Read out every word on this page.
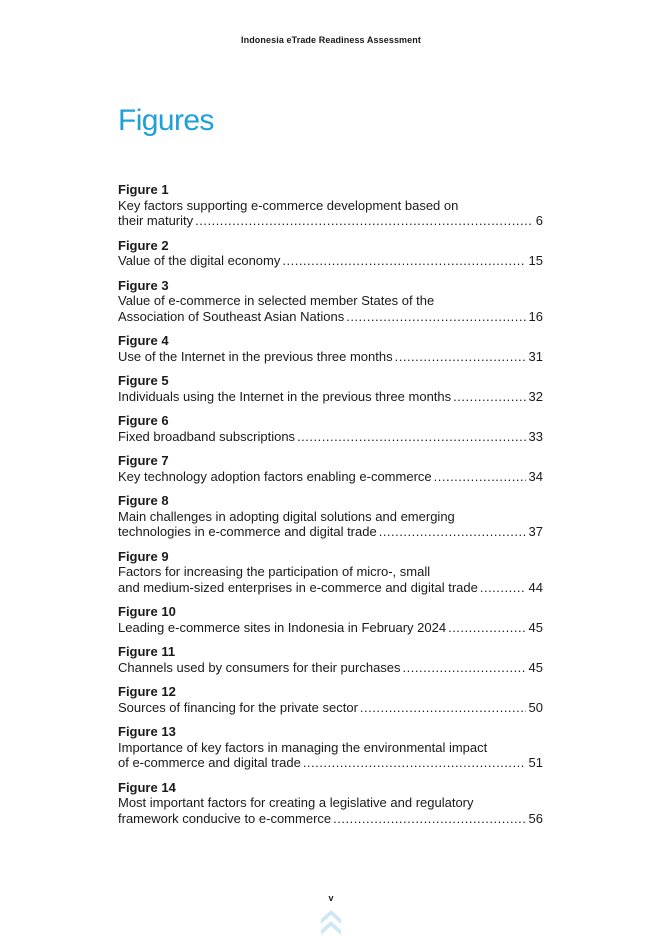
Indonesia eTrade Readiness Assessment
Figures
Figure 1
Key factors supporting e-commerce development based on
their maturity .....	6
Figure 2
Value of the digital economy .....	15
Figure 3
Value of e-commerce in selected member States of the
Association of Southeast Asian Nations .....	16
Figure 4
Use of the Internet in the previous three months .....	31
Figure 5
Individuals using the Internet in the previous three months .....	32
Figure 6
Fixed broadband subscriptions .....	33
Figure 7
Key technology adoption factors enabling e-commerce .....	34
Figure 8
Main challenges in adopting digital solutions and emerging
technologies in e-commerce and digital trade .....	37
Figure 9
Factors for increasing the participation of micro-, small
and medium-sized enterprises in e-commerce and digital trade .....	44
Figure 10
Leading e-commerce sites in Indonesia in February 2024 .....	45
Figure 11
Channels used by consumers for their purchases .....	45
Figure 12
Sources of financing for the private sector .....	50
Figure 13
Importance of key factors in managing the environmental impact
of e-commerce and digital trade .....	51
Figure 14
Most important factors for creating a legislative and regulatory
framework conducive to e-commerce .....	56
v
